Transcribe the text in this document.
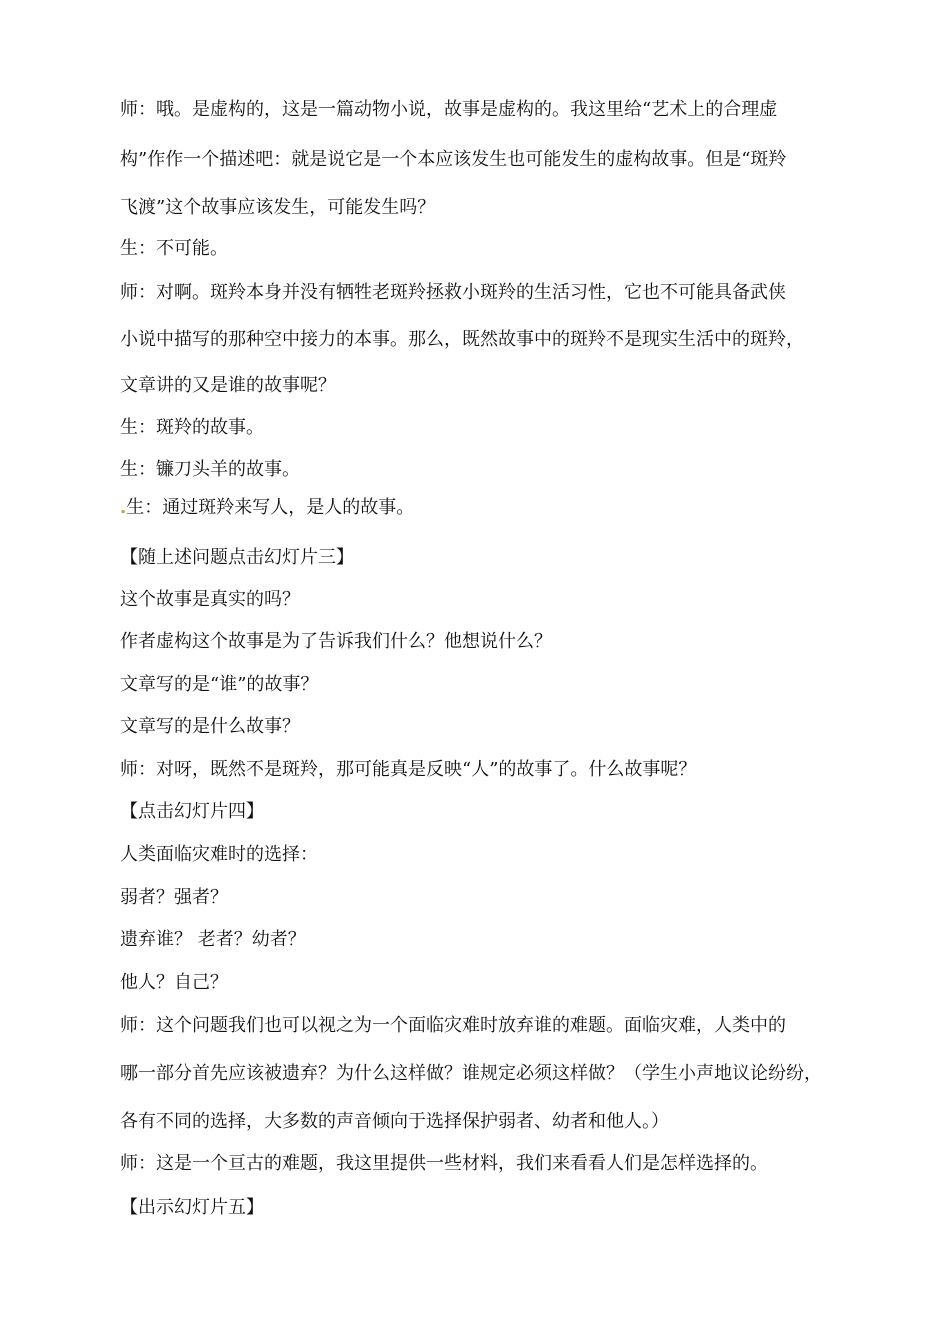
师：哦。是虚构的，这是一篇动物小说，故事是虚构的。我这里给“艺术上的合理虚
构”作作一个描述吧：就是说它是一个本应该发生也可能发生的虚构故事。但是“斑羚
飞渡”这个故事应该发生，可能发生吗？
生：不可能。
师：对啊。斑羚本身并没有牺牲老斑羚拯救小斑羚的生活习性，它也不可能具备武侠
小说中描写的那种空中接力的本事。那么，既然故事中的斑羚不是现实生活中的斑羚，
文章讲的又是谁的故事呢？
生：斑羚的故事。
生：镰刀头羊的故事。
.生：通过斑羚来写人，是人的故事。
【随上述问题点击幻灯片三】
这个故事是真实的吗？
作者虚构这个故事是为了告诉我们什么？他想说什么？
文章写的是“谁”的故事？
文章写的是什么故事？
师：对呀，既然不是斑羚，那可能真是反映“人”的故事了。什么故事呢？
【点击幻灯片四】
人类面临灾难时的选择：
弱者？强者？
遗弃谁？ 老者？幼者？
他人？自己？
师：这个问题我们也可以视之为一个面临灾难时放弃谁的难题。面临灾难，人类中的
哪一部分首先应该被遗弃？为什么这样做？谁规定必须这样做？（学生小声地议论纷纷，
各有不同的选择，大多数的声音倾向于选择保护弱者、幼者和他人。）
师：这是一个亘古的难题，我这里提供一些材料，我们来看看人们是怎样选择的。
【出示幻灯片五】
